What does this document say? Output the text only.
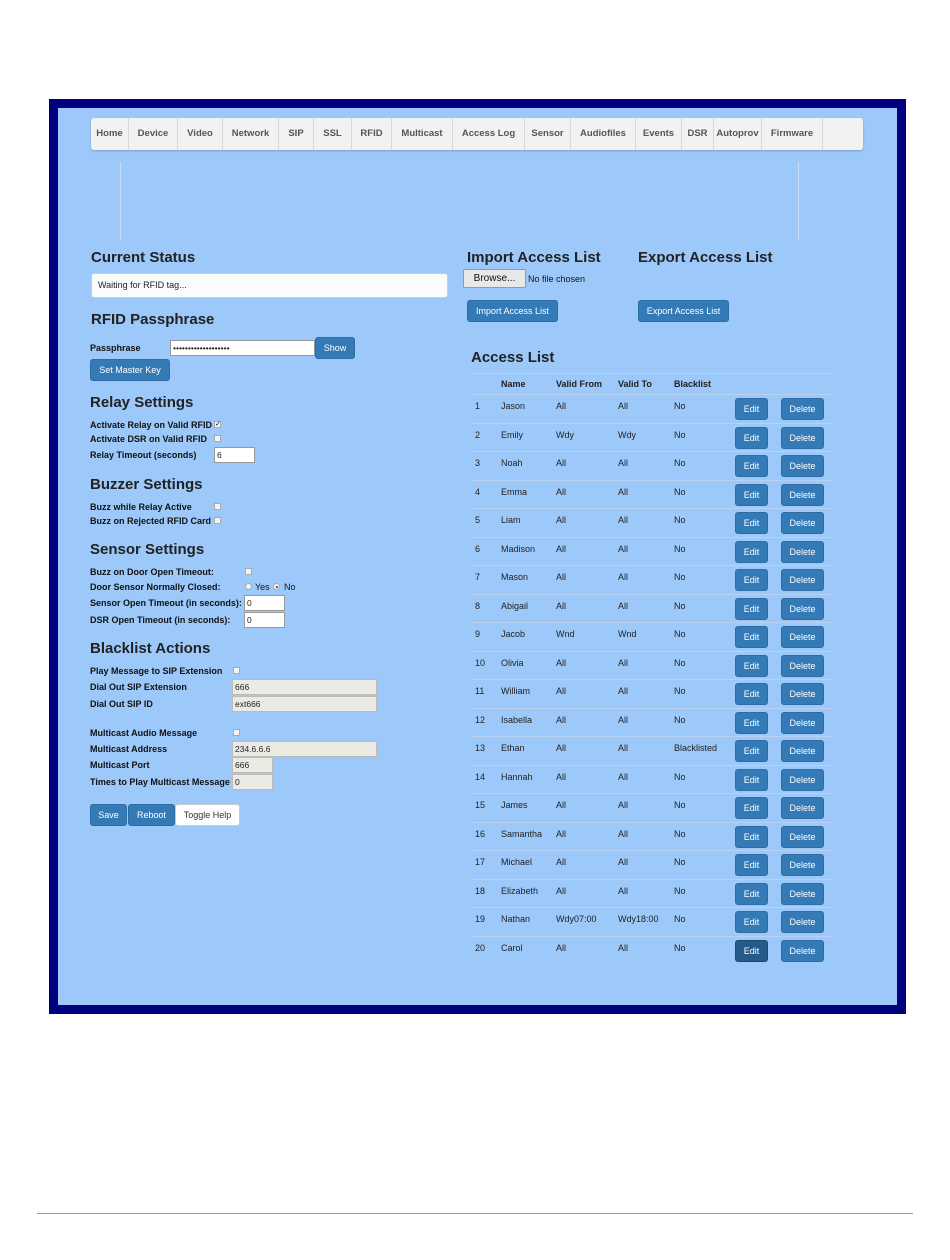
Home	Device	Video	Network	SIP	SSL	RFID	Multicast	Access Log	Sensor	Audiofiles	Events	DSR Autoprov	Firmware
Current Status
Waiting for RFID tag...
RFID Passphrase
Passphrase	•••••••••••••••••••	Show
Set Master Key
Relay Settings
Activate Relay on Valid RFID ✓
Activate DSR on Valid RFID
Relay Timeout (seconds)	6
Buzzer Settings
Buzz while Relay Active
Buzz on Rejected RFID Card
Sensor Settings
Buzz on Door Open Timeout:
Door Sensor Normally Closed:	Yes No
Sensor Open Timeout (in seconds): 0
DSR Open Timeout (in seconds):	0
Blacklist Actions
Play Message to SIP Extension
Dial Out SIP Extension	666
Dial Out SIP ID	ext666
Multicast Audio Message
Multicast Address	234.6.6.6
Multicast Port	666
Times to Play Multicast Message 0
Save	Reboot	Toggle Help
Import Access List
Browse...	No file chosen
Import Access List
Export Access List
Export Access List
Access List
	Name	Valid From	Valid To	Blacklist	
1	Jason	All	All	No	Edit Delete
2	Emily	Wdy	Wdy	No	Edit Delete
3	Noah	All	All	No	Edit Delete
4	Emma	All	All	No	Edit Delete
5	Liam	All	All	No	Edit Delete
6	Madison	All	All	No	Edit Delete
7	Mason	All	All	No	Edit Delete
8	Abigail	All	All	No	Edit Delete
9	Jacob	Wnd	Wnd	No	Edit Delete
10	Olivia	All	All	No	Edit Delete
11	William	All	All	No	Edit Delete
12	Isabella	All	All	No	Edit Delete
13	Ethan	All	All	Blacklisted	Edit Delete
14	Hannah	All	All	No	Edit Delete
15	James	All	All	No	Edit Delete
16	Samantha	All	All	No	Edit Delete
17	Michael	All	All	No	Edit Delete
18	Elizabeth	All	All	No	Edit Delete
19	Nathan	Wdy07:00	Wdy18:00	No	Edit Delete
20	Carol	All	All	No	Edit Delete
